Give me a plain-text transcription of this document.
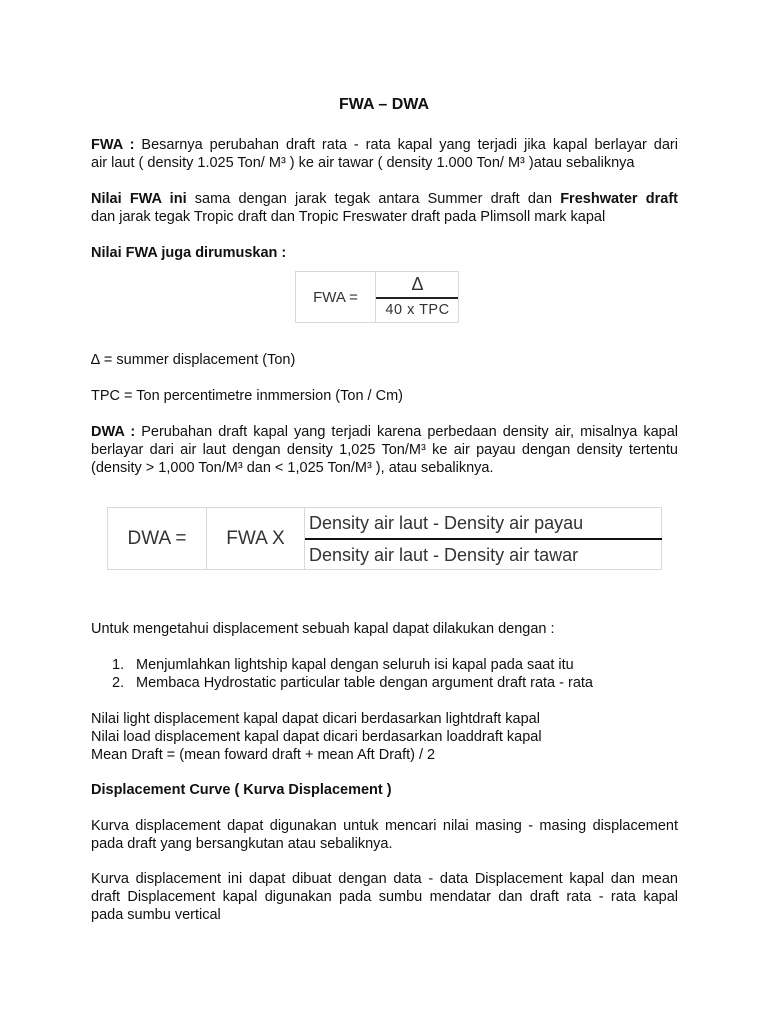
FWA – DWA
FWA : Besarnya perubahan draft rata - rata kapal yang terjadi jika kapal berlayar dari
air laut ( density 1.025 Ton/ M³ ) ke air tawar ( density 1.000 Ton/ M³ )atau sebaliknya
Nilai FWA ini sama dengan jarak tegak antara Summer draft dan Freshwater draft
dan jarak tegak Tropic draft dan Tropic Freswater draft pada Plimsoll mark kapal
Nilai FWA juga dirumuskan :
FWA =
Δ
40 x TPC
∆ = summer displacement (Ton)
TPC = Ton percentimetre inmmersion (Ton / Cm)
DWA : Perubahan draft kapal yang terjadi karena perbedaan density air, misalnya kapal
berlayar dari air laut dengan density 1,025 Ton/M³ ke air payau dengan density tertentu
(density > 1,000 Ton/M³ dan < 1,025 Ton/M³ ), atau sebaliknya.
DWA =	FWA X
Density air laut - Density air payau
Density air laut - Density air tawar
Untuk mengetahui displacement sebuah kapal dapat dilakukan dengan :
1. Menjumlahkan lightship kapal dengan seluruh isi kapal pada saat itu
2. Membaca Hydrostatic particular table dengan argument draft rata - rata
Nilai light displacement kapal dapat dicari berdasarkan lightdraft kapal
Nilai load displacement kapal dapat dicari berdasarkan loaddraft kapal
Mean Draft = (mean foward draft + mean Aft Draft) / 2
Displacement Curve ( Kurva Displacement )
Kurva displacement dapat digunakan untuk mencari nilai masing - masing displacement
pada draft yang bersangkutan atau sebaliknya.
Kurva displacement ini dapat dibuat dengan data - data Displacement kapal dan mean
draft Displacement kapal digunakan pada sumbu mendatar dan draft rata - rata kapal
pada sumbu vertical
